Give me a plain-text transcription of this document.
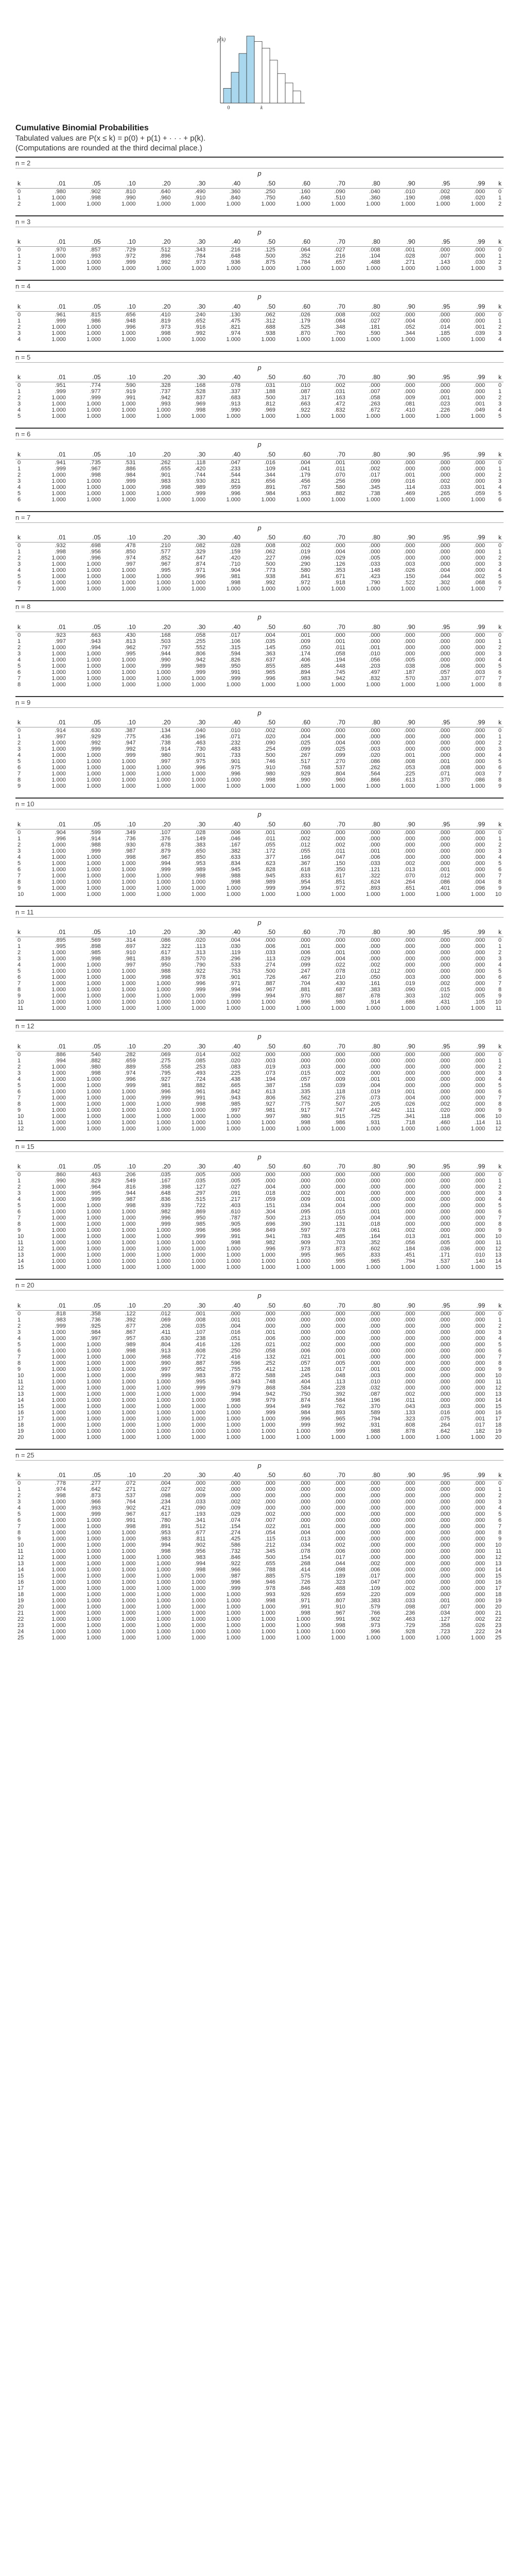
p(k)
0	k

Cumulative Binomial Probabilities

Tabulated values are P(x ≤ k) = p(0) + p(1) + · · · + p(k).

(Computations are rounded at the third decimal place.)

n = 2
p
k	.01	.05	.10	.20	.30	.40	.50	.60	.70	.80	.90	.95	.99	k
0	.980	.902	.810	.640	.490	.360	.250	.160	.090	.040	.010	.002	.000	0
1	1.000	.998	.990	.960	.910	.840	.750	.640	.510	.360	.190	.098	.020	1
2	1.000	1.000	1.000	1.000	1.000	1.000	1.000	1.000	1.000	1.000	1.000	1.000	1.000	2
n = 3
p
k	.01	.05	.10	.20	.30	.40	.50	.60	.70	.80	.90	.95	.99	k
0	.970	.857	.729	.512	.343	.216	.125	.064	.027	.008	.001	.000	.000	0
1	1.000	.993	.972	.896	.784	.648	.500	.352	.216	.104	.028	.007	.000	1
2	1.000	1.000	.999	.992	.973	.936	.875	.784	.657	.488	.271	.143	.030	2
3	1.000	1.000	1.000	1.000	1.000	1.000	1.000	1.000	1.000	1.000	1.000	1.000	1.000	3
n = 4
p
k	.01	.05	.10	.20	.30	.40	.50	.60	.70	.80	.90	.95	.99	k
0	.961	.815	.656	.410	.240	.130	.062	.026	.008	.002	.000	.000	.000	0
1	.999	.986	.948	.819	.652	.475	.312	.179	.084	.027	.004	.000	.000	1
2	1.000	1.000	.996	.973	.916	.821	.688	.525	.348	.181	.052	.014	.001	2
3	1.000	1.000	1.000	.998	.992	.974	.938	.870	.760	.590	.344	.185	.039	3
4	1.000	1.000	1.000	1.000	1.000	1.000	1.000	1.000	1.000	1.000	1.000	1.000	1.000	4
n = 5
p
k	.01	.05	.10	.20	.30	.40	.50	.60	.70	.80	.90	.95	.99	k
0	.951	.774	.590	.328	.168	.078	.031	.010	.002	.000	.000	.000	.000	0
1	.999	.977	.919	.737	.528	.337	.188	.087	.031	.007	.000	.000	.000	1
2	1.000	.999	.991	.942	.837	.683	.500	.317	.163	.058	.009	.001	.000	2
3	1.000	1.000	1.000	.993	.969	.913	.812	.663	.472	.263	.081	.023	.001	3
4	1.000	1.000	1.000	1.000	.998	.990	.969	.922	.832	.672	.410	.226	.049	4
5	1.000	1.000	1.000	1.000	1.000	1.000	1.000	1.000	1.000	1.000	1.000	1.000	1.000	5
n = 6
p
k	.01	.05	.10	.20	.30	.40	.50	.60	.70	.80	.90	.95	.99	k
0	.941	.735	.531	.262	.118	.047	.016	.004	.001	.000	.000	.000	.000	0
1	.999	.967	.886	.655	.420	.233	.109	.041	.011	.002	.000	.000	.000	1
2	1.000	.998	.984	.901	.744	.544	.344	.179	.070	.017	.001	.000	.000	2
3	1.000	1.000	.999	.983	.930	.821	.656	.456	.256	.099	.016	.002	.000	3
4	1.000	1.000	1.000	.998	.989	.959	.891	.767	.580	.345	.114	.033	.001	4
5	1.000	1.000	1.000	1.000	.999	.996	.984	.953	.882	.738	.469	.265	.059	5
6	1.000	1.000	1.000	1.000	1.000	1.000	1.000	1.000	1.000	1.000	1.000	1.000	1.000	6
n = 7
p
k	.01	.05	.10	.20	.30	.40	.50	.60	.70	.80	.90	.95	.99	k
0	.932	.698	.478	.210	.082	.028	.008	.002	.000	.000	.000	.000	.000	0
1	.998	.956	.850	.577	.329	.159	.062	.019	.004	.000	.000	.000	.000	1
2	1.000	.996	.974	.852	.647	.420	.227	.096	.029	.005	.000	.000	.000	2
3	1.000	1.000	.997	.967	.874	.710	.500	.290	.126	.033	.003	.000	.000	3
4	1.000	1.000	1.000	.995	.971	.904	.773	.580	.353	.148	.026	.004	.000	4
5	1.000	1.000	1.000	1.000	.996	.981	.938	.841	.671	.423	.150	.044	.002	5
6	1.000	1.000	1.000	1.000	1.000	.998	.992	.972	.918	.790	.522	.302	.068	6
7	1.000	1.000	1.000	1.000	1.000	1.000	1.000	1.000	1.000	1.000	1.000	1.000	1.000	7
n = 8
p
k	.01	.05	.10	.20	.30	.40	.50	.60	.70	.80	.90	.95	.99	k
0	.923	.663	.430	.168	.058	.017	.004	.001	.000	.000	.000	.000	.000	0
1	.997	.943	.813	.503	.255	.106	.035	.009	.001	.000	.000	.000	.000	1
2	1.000	.994	.962	.797	.552	.315	.145	.050	.011	.001	.000	.000	.000	2
3	1.000	1.000	.995	.944	.806	.594	.363	.174	.058	.010	.000	.000	.000	3
4	1.000	1.000	1.000	.990	.942	.826	.637	.406	.194	.056	.005	.000	.000	4
5	1.000	1.000	1.000	.999	.989	.950	.855	.685	.448	.203	.038	.006	.000	5
6	1.000	1.000	1.000	1.000	.999	.991	.965	.894	.745	.497	.187	.057	.003	6
7	1.000	1.000	1.000	1.000	1.000	.999	.996	.983	.942	.832	.570	.337	.077	7
8	1.000	1.000	1.000	1.000	1.000	1.000	1.000	1.000	1.000	1.000	1.000	1.000	1.000	8
n = 9
p
k	.01	.05	.10	.20	.30	.40	.50	.60	.70	.80	.90	.95	.99	k
0	.914	.630	.387	.134	.040	.010	.002	.000	.000	.000	.000	.000	.000	0
1	.997	.929	.775	.436	.196	.071	.020	.004	.000	.000	.000	.000	.000	1
2	1.000	.992	.947	.738	.463	.232	.090	.025	.004	.000	.000	.000	.000	2
3	1.000	.999	.992	.914	.730	.483	.254	.099	.025	.003	.000	.000	.000	3
4	1.000	1.000	.999	.980	.901	.733	.500	.267	.099	.020	.001	.000	.000	4
5	1.000	1.000	1.000	.997	.975	.901	.746	.517	.270	.086	.008	.001	.000	5
6	1.000	1.000	1.000	1.000	.996	.975	.910	.768	.537	.262	.053	.008	.000	6
7	1.000	1.000	1.000	1.000	1.000	.996	.980	.929	.804	.564	.225	.071	.003	7
8	1.000	1.000	1.000	1.000	1.000	1.000	.998	.990	.960	.866	.613	.370	.086	8
9	1.000	1.000	1.000	1.000	1.000	1.000	1.000	1.000	1.000	1.000	1.000	1.000	1.000	9
n = 10
p
k	.01	.05	.10	.20	.30	.40	.50	.60	.70	.80	.90	.95	.99	k
0	.904	.599	.349	.107	.028	.006	.001	.000	.000	.000	.000	.000	.000	0
1	.996	.914	.736	.376	.149	.046	.011	.002	.000	.000	.000	.000	.000	1
2	1.000	.988	.930	.678	.383	.167	.055	.012	.002	.000	.000	.000	.000	2
3	1.000	.999	.987	.879	.650	.382	.172	.055	.011	.001	.000	.000	.000	3
4	1.000	1.000	.998	.967	.850	.633	.377	.166	.047	.006	.000	.000	.000	4
5	1.000	1.000	1.000	.994	.953	.834	.623	.367	.150	.033	.002	.000	.000	5
6	1.000	1.000	1.000	.999	.989	.945	.828	.618	.350	.121	.013	.001	.000	6
7	1.000	1.000	1.000	1.000	.998	.988	.945	.833	.617	.322	.070	.012	.000	7
8	1.000	1.000	1.000	1.000	1.000	.998	.989	.954	.851	.624	.264	.086	.004	8
9	1.000	1.000	1.000	1.000	1.000	1.000	.999	.994	.972	.893	.651	.401	.096	9
10	1.000	1.000	1.000	1.000	1.000	1.000	1.000	1.000	1.000	1.000	1.000	1.000	1.000	10
n = 11
p
k	.01	.05	.10	.20	.30	.40	.50	.60	.70	.80	.90	.95	.99	k
0	.895	.569	.314	.086	.020	.004	.000	.000	.000	.000	.000	.000	.000	0
1	.995	.898	.697	.322	.113	.030	.006	.001	.000	.000	.000	.000	.000	1
2	1.000	.985	.910	.617	.313	.119	.033	.006	.001	.000	.000	.000	.000	2
3	1.000	.998	.981	.839	.570	.296	.113	.029	.004	.000	.000	.000	.000	3
4	1.000	1.000	.997	.950	.790	.533	.274	.099	.022	.002	.000	.000	.000	4
5	1.000	1.000	1.000	.988	.922	.753	.500	.247	.078	.012	.000	.000	.000	5
6	1.000	1.000	1.000	.998	.978	.901	.726	.467	.210	.050	.003	.000	.000	6
7	1.000	1.000	1.000	1.000	.996	.971	.887	.704	.430	.161	.019	.002	.000	7
8	1.000	1.000	1.000	1.000	.999	.994	.967	.881	.687	.383	.090	.015	.000	8
9	1.000	1.000	1.000	1.000	1.000	.999	.994	.970	.887	.678	.303	.102	.005	9
10	1.000	1.000	1.000	1.000	1.000	1.000	1.000	.996	.980	.914	.686	.431	.105	10
11	1.000	1.000	1.000	1.000	1.000	1.000	1.000	1.000	1.000	1.000	1.000	1.000	1.000	11
n = 12
p
k	.01	.05	.10	.20	.30	.40	.50	.60	.70	.80	.90	.95	.99	k
0	.886	.540	.282	.069	.014	.002	.000	.000	.000	.000	.000	.000	.000	0
1	.994	.882	.659	.275	.085	.020	.003	.000	.000	.000	.000	.000	.000	1
2	1.000	.980	.889	.558	.253	.083	.019	.003	.000	.000	.000	.000	.000	2
3	1.000	.998	.974	.795	.493	.225	.073	.015	.002	.000	.000	.000	.000	3
4	1.000	1.000	.996	.927	.724	.438	.194	.057	.009	.001	.000	.000	.000	4
5	1.000	1.000	.999	.981	.882	.665	.387	.158	.039	.004	.000	.000	.000	5
6	1.000	1.000	1.000	.996	.961	.842	.613	.335	.118	.019	.001	.000	.000	6
7	1.000	1.000	1.000	.999	.991	.943	.806	.562	.276	.073	.004	.000	.000	7
8	1.000	1.000	1.000	1.000	.998	.985	.927	.775	.507	.205	.026	.002	.000	8
9	1.000	1.000	1.000	1.000	1.000	.997	.981	.917	.747	.442	.111	.020	.000	9
10	1.000	1.000	1.000	1.000	1.000	1.000	.997	.980	.915	.725	.341	.118	.006	10
11	1.000	1.000	1.000	1.000	1.000	1.000	1.000	.998	.986	.931	.718	.460	.114	11
12	1.000	1.000	1.000	1.000	1.000	1.000	1.000	1.000	1.000	1.000	1.000	1.000	1.000	12
n = 15
p
k	.01	.05	.10	.20	.30	.40	.50	.60	.70	.80	.90	.95	.99	k
0	.860	.463	.206	.035	.005	.000	.000	.000	.000	.000	.000	.000	.000	0
1	.990	.829	.549	.167	.035	.005	.000	.000	.000	.000	.000	.000	.000	1
2	1.000	.964	.816	.398	.127	.027	.004	.000	.000	.000	.000	.000	.000	2
3	1.000	.995	.944	.648	.297	.091	.018	.002	.000	.000	.000	.000	.000	3
4	1.000	.999	.987	.836	.515	.217	.059	.009	.001	.000	.000	.000	.000	4
5	1.000	1.000	.998	.939	.722	.403	.151	.034	.004	.000	.000	.000	.000	5
6	1.000	1.000	1.000	.982	.869	.610	.304	.095	.015	.001	.000	.000	.000	6
7	1.000	1.000	1.000	.996	.950	.787	.500	.213	.050	.004	.000	.000	.000	7
8	1.000	1.000	1.000	.999	.985	.905	.696	.390	.131	.018	.000	.000	.000	8
9	1.000	1.000	1.000	1.000	.996	.966	.849	.597	.278	.061	.002	.000	.000	9
10	1.000	1.000	1.000	1.000	.999	.991	.941	.783	.485	.164	.013	.001	.000	10
11	1.000	1.000	1.000	1.000	1.000	.998	.982	.909	.703	.352	.056	.005	.000	11
12	1.000	1.000	1.000	1.000	1.000	1.000	.996	.973	.873	.602	.184	.036	.000	12
13	1.000	1.000	1.000	1.000	1.000	1.000	1.000	.995	.965	.833	.451	.171	.010	13
14	1.000	1.000	1.000	1.000	1.000	1.000	1.000	1.000	.995	.965	.794	.537	.140	14
15	1.000	1.000	1.000	1.000	1.000	1.000	1.000	1.000	1.000	1.000	1.000	1.000	1.000	15
n = 20
p
k	.01	.05	.10	.20	.30	.40	.50	.60	.70	.80	.90	.95	.99	k
0	.818	.358	.122	.012	.001	.000	.000	.000	.000	.000	.000	.000	.000	0
1	.983	.736	.392	.069	.008	.001	.000	.000	.000	.000	.000	.000	.000	1
2	.999	.925	.677	.206	.035	.004	.000	.000	.000	.000	.000	.000	.000	2
3	1.000	.984	.867	.411	.107	.016	.001	.000	.000	.000	.000	.000	.000	3
4	1.000	.997	.957	.630	.238	.051	.006	.000	.000	.000	.000	.000	.000	4
5	1.000	1.000	.989	.804	.416	.126	.021	.002	.000	.000	.000	.000	.000	5
6	1.000	1.000	.998	.913	.608	.250	.058	.006	.000	.000	.000	.000	.000	6
7	1.000	1.000	1.000	.968	.772	.416	.132	.021	.001	.000	.000	.000	.000	7
8	1.000	1.000	1.000	.990	.887	.596	.252	.057	.005	.000	.000	.000	.000	8
9	1.000	1.000	1.000	.997	.952	.755	.412	.128	.017	.001	.000	.000	.000	9
10	1.000	1.000	1.000	.999	.983	.872	.588	.245	.048	.003	.000	.000	.000	10
11	1.000	1.000	1.000	1.000	.995	.943	.748	.404	.113	.010	.000	.000	.000	11
12	1.000	1.000	1.000	1.000	.999	.979	.868	.584	.228	.032	.000	.000	.000	12
13	1.000	1.000	1.000	1.000	1.000	.994	.942	.750	.392	.087	.002	.000	.000	13
14	1.000	1.000	1.000	1.000	1.000	.998	.979	.874	.584	.196	.011	.000	.000	14
15	1.000	1.000	1.000	1.000	1.000	1.000	.994	.949	.762	.370	.043	.003	.000	15
16	1.000	1.000	1.000	1.000	1.000	1.000	.999	.984	.893	.589	.133	.016	.000	16
17	1.000	1.000	1.000	1.000	1.000	1.000	1.000	.996	.965	.794	.323	.075	.001	17
18	1.000	1.000	1.000	1.000	1.000	1.000	1.000	.999	.992	.931	.608	.264	.017	18
19	1.000	1.000	1.000	1.000	1.000	1.000	1.000	1.000	.999	.988	.878	.642	.182	19
20	1.000	1.000	1.000	1.000	1.000	1.000	1.000	1.000	1.000	1.000	1.000	1.000	1.000	20
n = 25
p
k	.01	.05	.10	.20	.30	.40	.50	.60	.70	.80	.90	.95	.99	k
0	.778	.277	.072	.004	.000	.000	.000	.000	.000	.000	.000	.000	.000	0
1	.974	.642	.271	.027	.002	.000	.000	.000	.000	.000	.000	.000	.000	1
2	.998	.873	.537	.098	.009	.000	.000	.000	.000	.000	.000	.000	.000	2
3	1.000	.966	.764	.234	.033	.002	.000	.000	.000	.000	.000	.000	.000	3
4	1.000	.993	.902	.421	.090	.009	.000	.000	.000	.000	.000	.000	.000	4
5	1.000	.999	.967	.617	.193	.029	.002	.000	.000	.000	.000	.000	.000	5
6	1.000	1.000	.991	.780	.341	.074	.007	.000	.000	.000	.000	.000	.000	6
7	1.000	1.000	.998	.891	.512	.154	.022	.001	.000	.000	.000	.000	.000	7
8	1.000	1.000	1.000	.953	.677	.274	.054	.004	.000	.000	.000	.000	.000	8
9	1.000	1.000	1.000	.983	.811	.425	.115	.013	.000	.000	.000	.000	.000	9
10	1.000	1.000	1.000	.994	.902	.586	.212	.034	.002	.000	.000	.000	.000	10
11	1.000	1.000	1.000	.998	.956	.732	.345	.078	.006	.000	.000	.000	.000	11
12	1.000	1.000	1.000	1.000	.983	.846	.500	.154	.017	.000	.000	.000	.000	12
13	1.000	1.000	1.000	1.000	.994	.922	.655	.268	.044	.002	.000	.000	.000	13
14	1.000	1.000	1.000	1.000	.998	.966	.788	.414	.098	.006	.000	.000	.000	14
15	1.000	1.000	1.000	1.000	1.000	.987	.885	.575	.189	.017	.000	.000	.000	15
16	1.000	1.000	1.000	1.000	1.000	.996	.946	.726	.323	.047	.000	.000	.000	16
17	1.000	1.000	1.000	1.000	1.000	.999	.978	.846	.488	.109	.002	.000	.000	17
18	1.000	1.000	1.000	1.000	1.000	1.000	.993	.926	.659	.220	.009	.000	.000	18
19	1.000	1.000	1.000	1.000	1.000	1.000	.998	.971	.807	.383	.033	.001	.000	19
20	1.000	1.000	1.000	1.000	1.000	1.000	1.000	.991	.910	.579	.098	.007	.000	20
21	1.000	1.000	1.000	1.000	1.000	1.000	1.000	.998	.967	.766	.236	.034	.000	21
22	1.000	1.000	1.000	1.000	1.000	1.000	1.000	1.000	.991	.902	.463	.127	.002	22
23	1.000	1.000	1.000	1.000	1.000	1.000	1.000	1.000	.998	.973	.729	.358	.026	23
24	1.000	1.000	1.000	1.000	1.000	1.000	1.000	1.000	1.000	.996	.928	.723	.222	24
25	1.000	1.000	1.000	1.000	1.000	1.000	1.000	1.000	1.000	1.000	1.000	1.000	1.000	25
